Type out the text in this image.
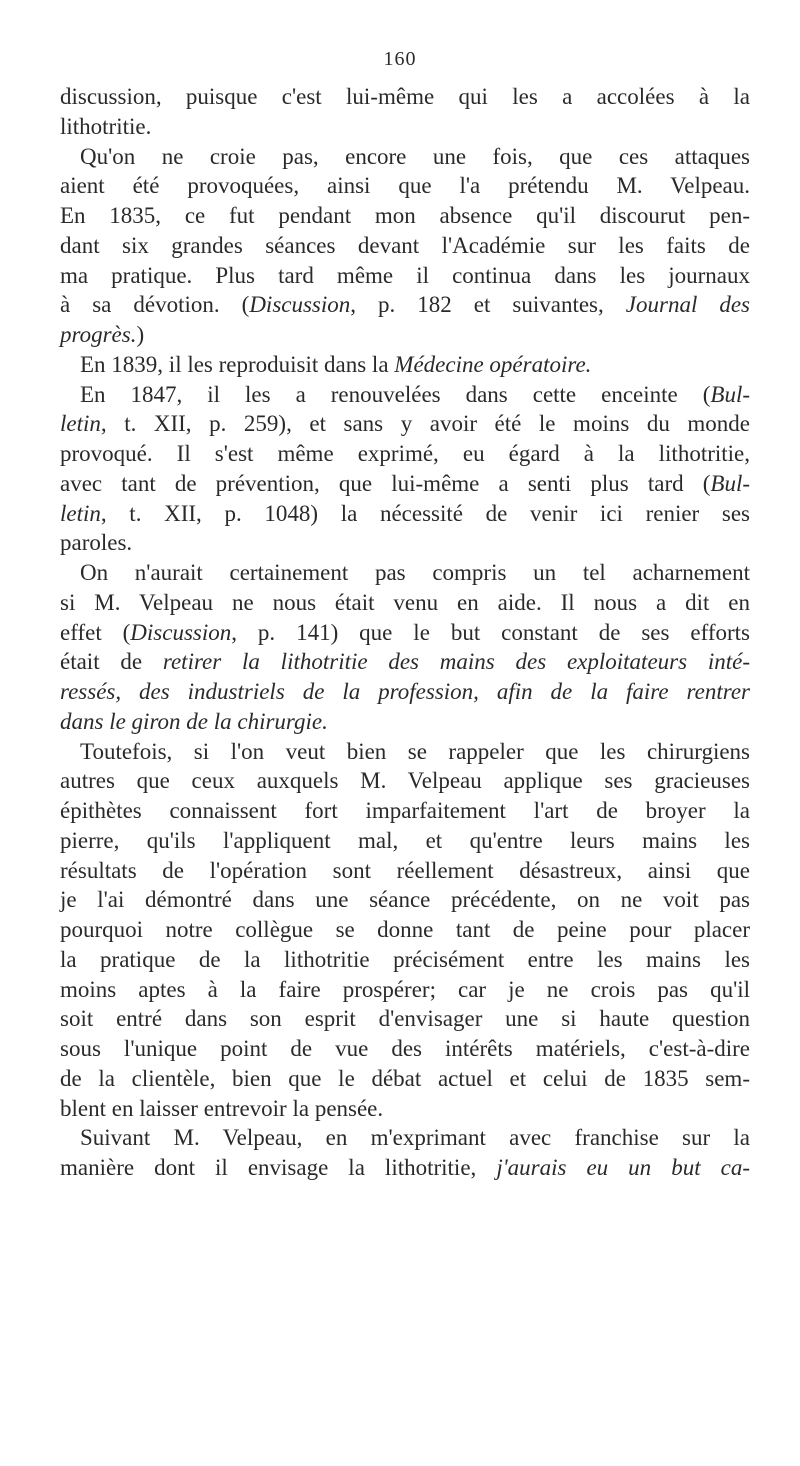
160
discussion, puisque c'est lui-même qui les a accolées à la
lithotritie.
Qu'on ne croie pas, encore une fois, que ces attaques
aient été provoquées, ainsi que l'a prétendu M. Velpeau.
En 1835, ce fut pendant mon absence qu'il discourut pen-
dant six grandes séances devant l'Académie sur les faits de
ma pratique. Plus tard même il continua dans les journaux
à sa dévotion. (Discussion, p. 182 et suivantes, Journal des
progrès.)
En 1839, il les reproduisit dans la Médecine opératoire.
En 1847, il les a renouvelées dans cette enceinte (Bul-
letin, t. XII, p. 259), et sans y avoir été le moins du monde
provoqué. Il s'est même exprimé, eu égard à la lithotritie,
avec tant de prévention, que lui-même a senti plus tard (Bul-
letin, t. XII, p. 1048) la nécessité de venir ici renier ses
paroles.
On n'aurait certainement pas compris un tel acharnement
si M. Velpeau ne nous était venu en aide. Il nous a dit en
effet (Discussion, p. 141) que le but constant de ses efforts
était de retirer la lithotritie des mains des exploitateurs inté-
ressés, des industriels de la profession, afin de la faire rentrer
dans le giron de la chirurgie.
Toutefois, si l'on veut bien se rappeler que les chirurgiens
autres que ceux auxquels M. Velpeau applique ses gracieuses
épithètes connaissent fort imparfaitement l'art de broyer la
pierre, qu'ils l'appliquent mal, et qu'entre leurs mains les
résultats de l'opération sont réellement désastreux, ainsi que
je l'ai démontré dans une séance précédente, on ne voit pas
pourquoi notre collègue se donne tant de peine pour placer
la pratique de la lithotritie précisément entre les mains les
moins aptes à la faire prospérer; car je ne crois pas qu'il
soit entré dans son esprit d'envisager une si haute question
sous l'unique point de vue des intérêts matériels, c'est-à-dire
de la clientèle, bien que le débat actuel et celui de 1835 sem-
blent en laisser entrevoir la pensée.
Suivant M. Velpeau, en m'exprimant avec franchise sur la
manière dont il envisage la lithotritie, j'aurais eu un but ca-
